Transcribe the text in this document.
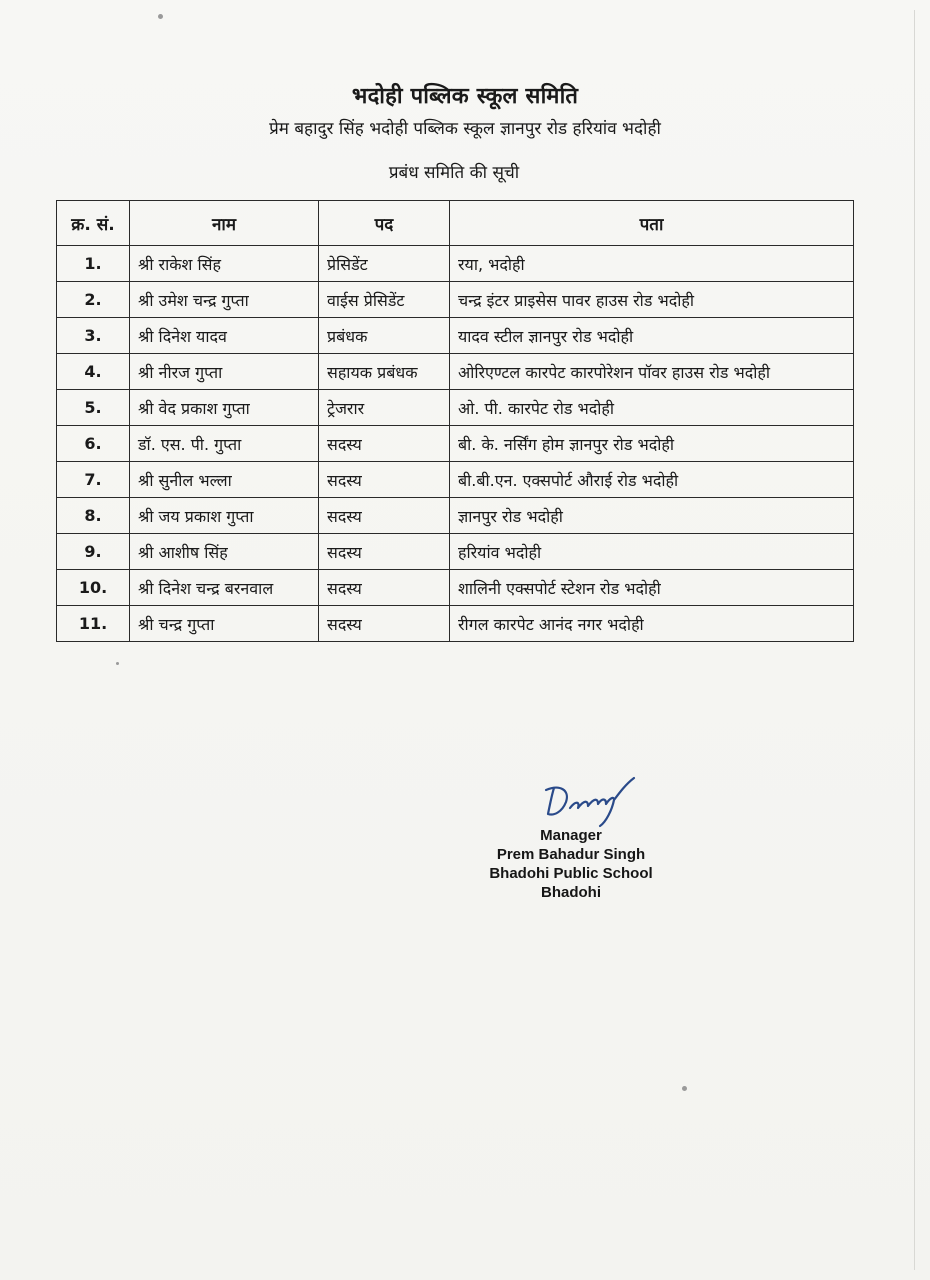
भदोही पब्लिक स्कूल समिति
प्रेम बहादुर सिंह भदोही पब्लिक स्कूल ज्ञानपुर रोड हरियांव भदोही
प्रबंध समिति की सूची
क्र. सं.	नाम	पद	पता
1.	श्री राकेश सिंह	प्रेसिडेंट	रया, भदोही
2.	श्री उमेश चन्द्र गुप्ता	वाईस प्रेसिडेंट	चन्द्र इंटर प्राइसेस पावर हाउस रोड भदोही
3.	श्री दिनेश यादव	प्रबंधक	यादव स्टील ज्ञानपुर रोड भदोही
4.	श्री नीरज गुप्ता	सहायक प्रबंधक	ओरिएण्टल कारपेट कारपोरेशन पॉवर हाउस रोड भदोही
5.	श्री वेद प्रकाश गुप्ता	ट्रेजरार	ओ. पी. कारपेट रोड भदोही
6.	डॉ. एस. पी. गुप्ता	सदस्य	बी. के. नर्सिंग होम ज्ञानपुर रोड भदोही
7.	श्री सुनील भल्ला	सदस्य	बी.बी.एन. एक्सपोर्ट औराई रोड भदोही
8.	श्री जय प्रकाश गुप्ता	सदस्य	ज्ञानपुर रोड भदोही
9.	श्री आशीष सिंह	सदस्य	हरियांव भदोही
10.	श्री दिनेश चन्द्र बरनवाल	सदस्य	शालिनी एक्सपोर्ट स्टेशन रोड भदोही
11.	श्री चन्द्र गुप्ता	सदस्य	रीगल कारपेट आनंद नगर भदोही
Manager
Prem Bahadur Singh
Bhadohi Public School
Bhadohi
